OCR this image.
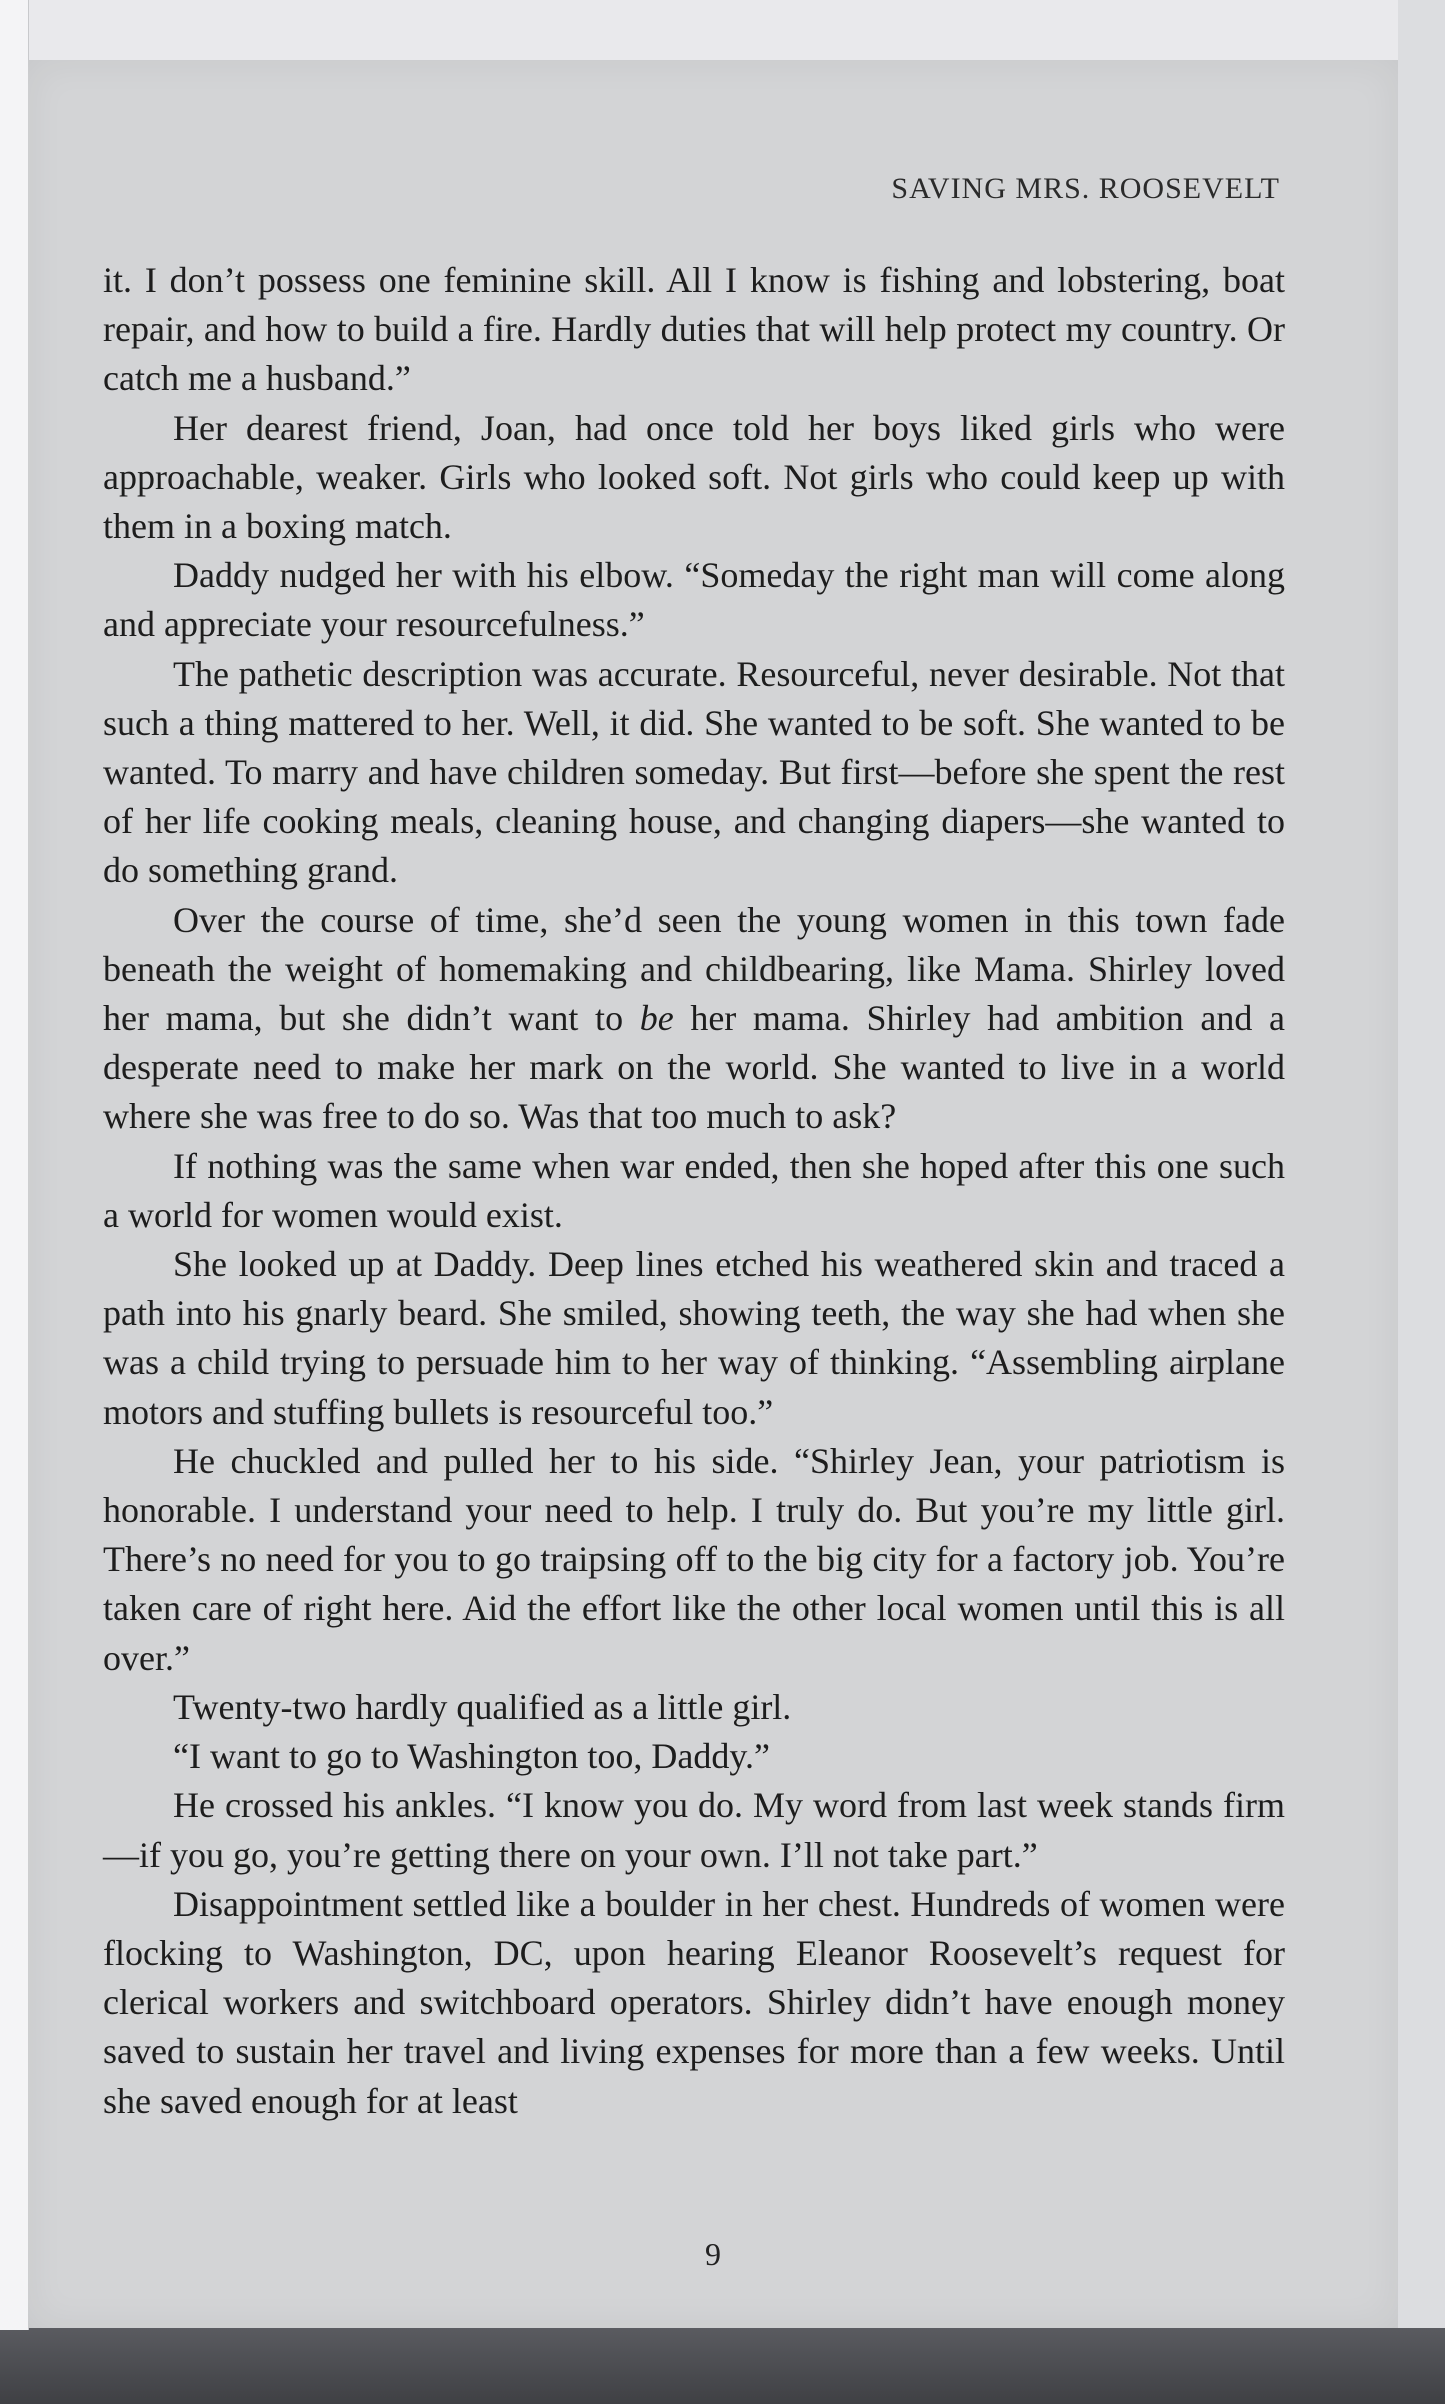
SAVING MRS. ROOSEVELT

it. I don’t possess one feminine skill. All I know is fishing and lobstering, boat repair, and how to build a fire. Hardly duties that will help protect my country. Or catch me a husband.”

Her dearest friend, Joan, had once told her boys liked girls who were approachable, weaker. Girls who looked soft. Not girls who could keep up with them in a boxing match.

Daddy nudged her with his elbow. “Someday the right man will come along and appreciate your resourcefulness.”

The pathetic description was accurate. Resourceful, never desirable. Not that such a thing mattered to her. Well, it did. She wanted to be soft. She wanted to be wanted. To marry and have children someday. But first—before she spent the rest of her life cooking meals, cleaning house, and changing diapers—she wanted to do something grand.

Over the course of time, she’d seen the young women in this town fade beneath the weight of homemaking and childbearing, like Mama. Shirley loved her mama, but she didn’t want to be her mama. Shirley had ambition and a desperate need to make her mark on the world. She wanted to live in a world where she was free to do so. Was that too much to ask?

If nothing was the same when war ended, then she hoped after this one such a world for women would exist.

She looked up at Daddy. Deep lines etched his weathered skin and traced a path into his gnarly beard. She smiled, showing teeth, the way she had when she was a child trying to persuade him to her way of thinking. “Assembling airplane motors and stuffing bullets is resourceful too.”

He chuckled and pulled her to his side. “Shirley Jean, your patriotism is honorable. I understand your need to help. I truly do. But you’re my little girl. There’s no need for you to go traipsing off to the big city for a factory job. You’re taken care of right here. Aid the effort like the other local women until this is all over.”

Twenty-two hardly qualified as a little girl.

“I want to go to Washington too, Daddy.”

He crossed his ankles. “I know you do. My word from last week stands firm—if you go, you’re getting there on your own. I’ll not take part.”

Disappointment settled like a boulder in her chest. Hundreds of women were flocking to Washington, DC, upon hearing Eleanor Roosevelt’s request for clerical workers and switchboard operators. Shirley didn’t have enough money saved to sustain her travel and living expenses for more than a few weeks. Until she saved enough for at least

9
